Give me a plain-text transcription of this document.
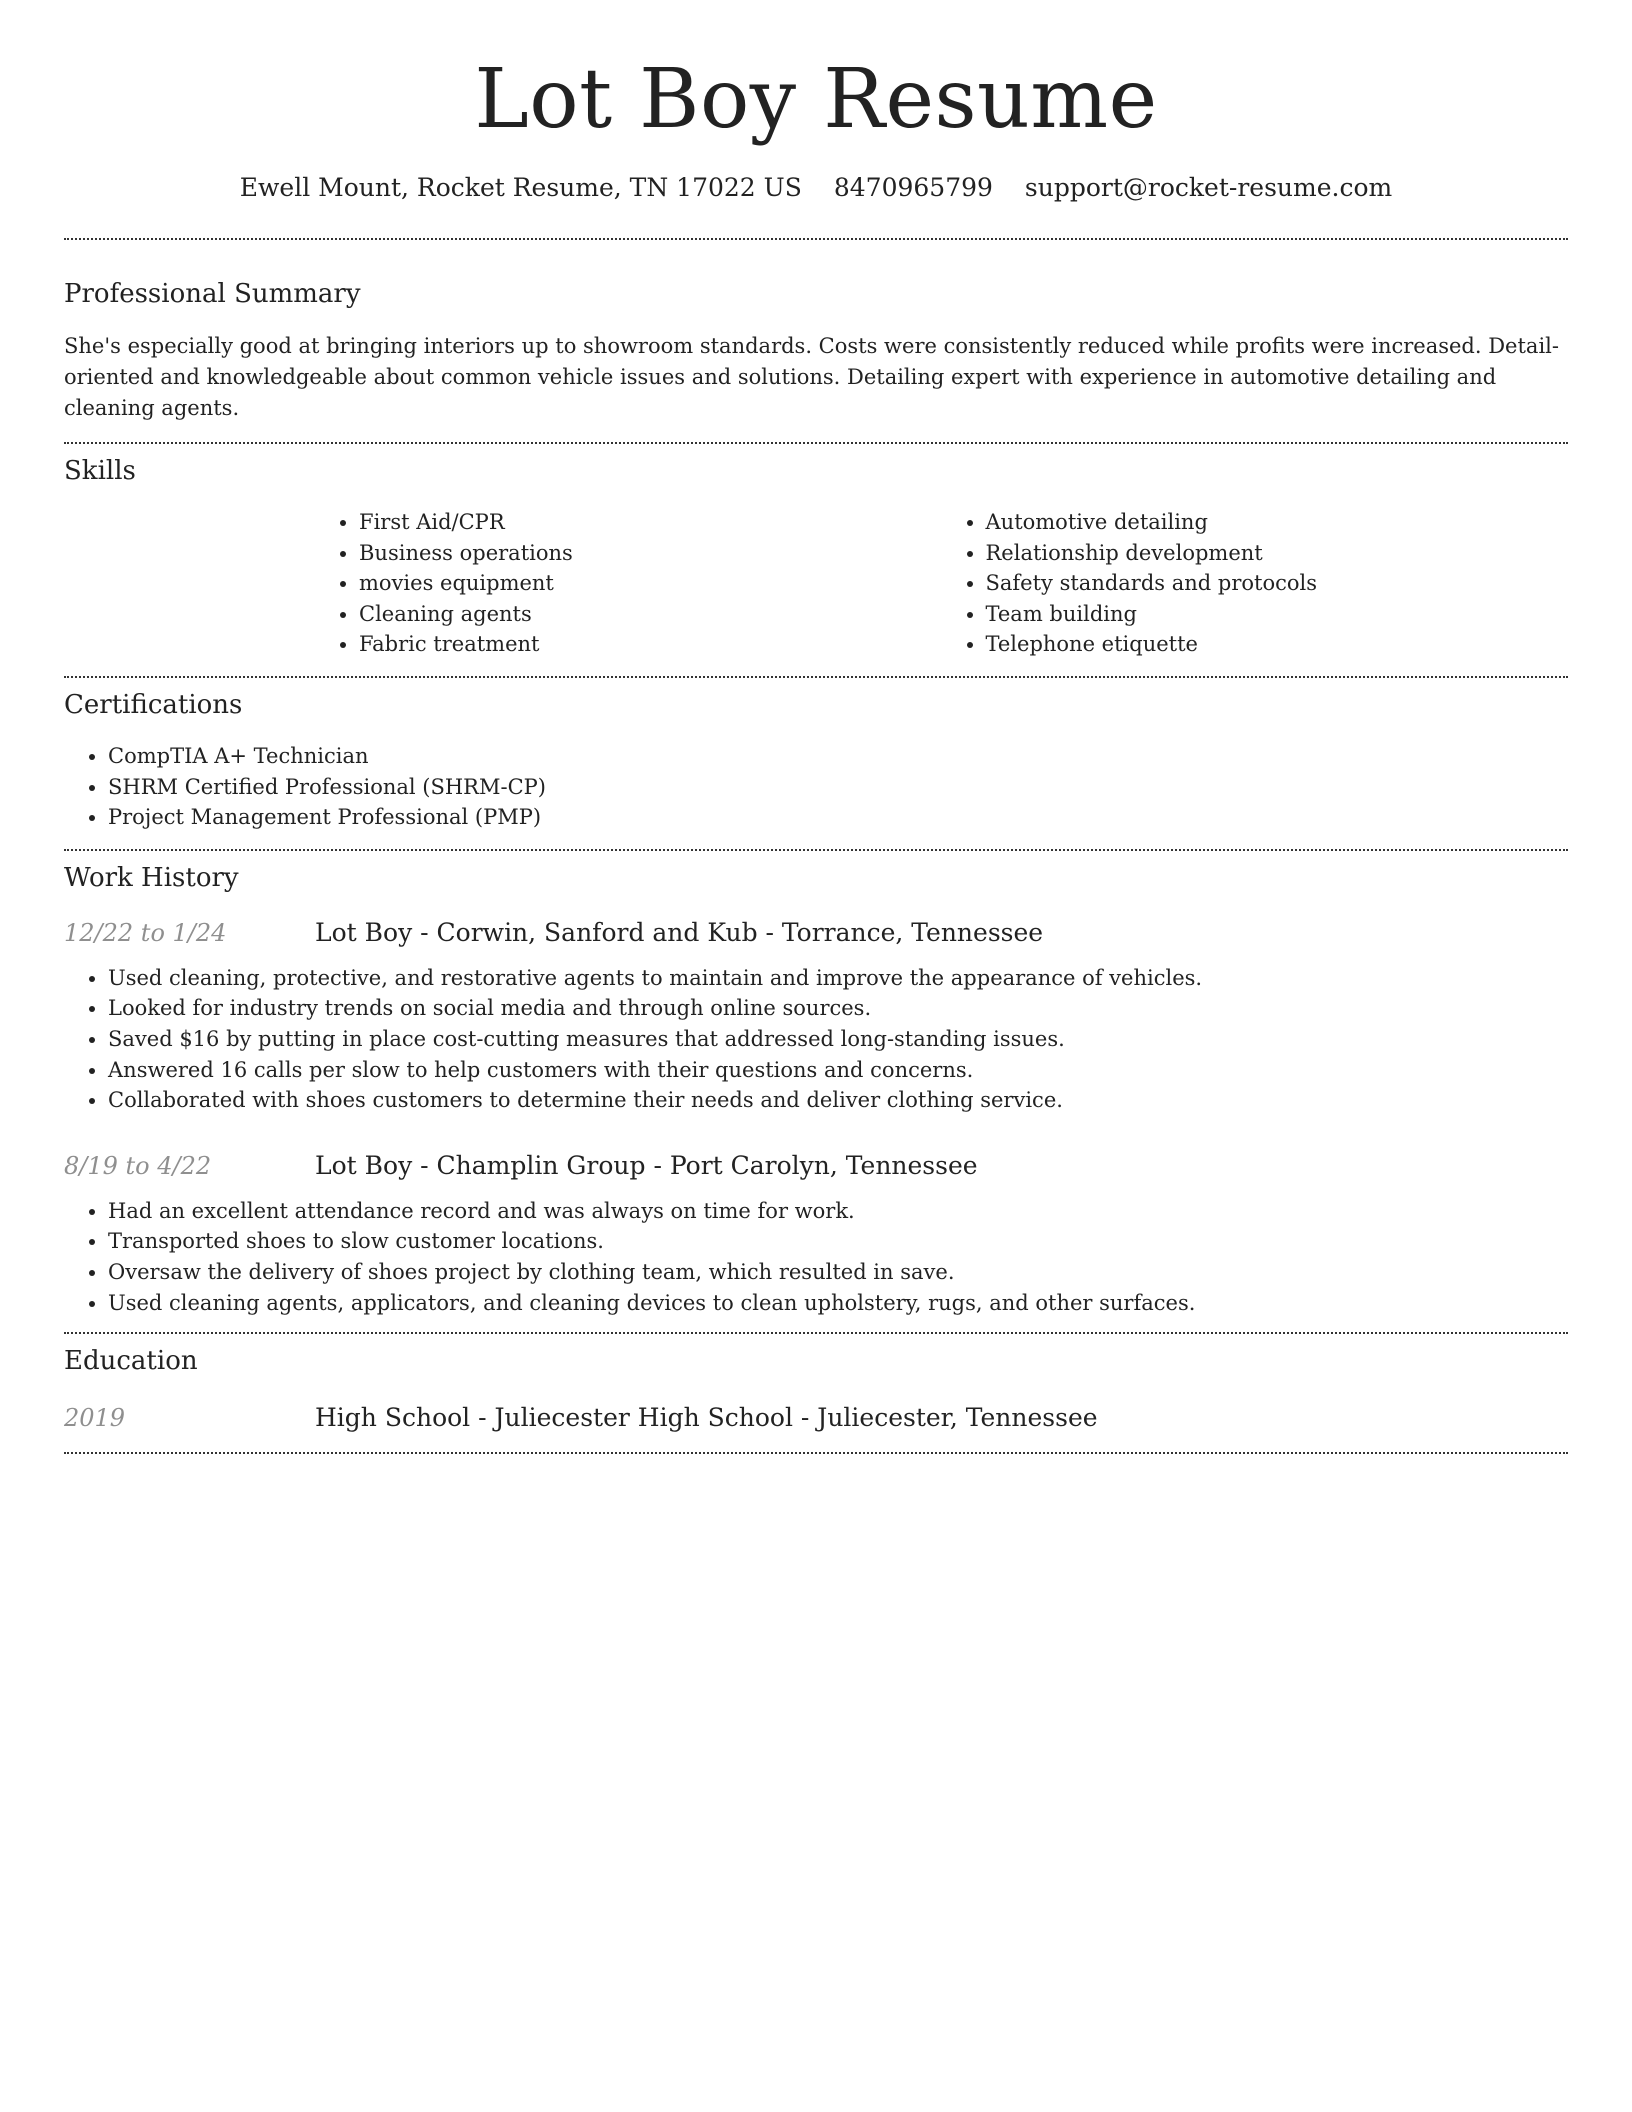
Lot Boy Resume
Ewell Mount, Rocket Resume, TN 17022 US 8470965799 support@rocket-resume.com
Professional Summary

She's especially good at bringing interiors up to showroom standards. Costs were consistently reduced while profits were increased. Detail-oriented and knowledgeable about common vehicle issues and solutions. Detailing expert with experience in automotive detailing and cleaning agents.

Skills
• First Aid/CPR
• Business operations
• movies equipment
• Cleaning agents
• Fabric treatment
• Automotive detailing
• Relationship development
• Safety standards and protocols
• Team building
• Telephone etiquette
Certifications
• CompTIA A+ Technician
• SHRM Certified Professional (SHRM-CP)
• Project Management Professional (PMP)
Work History
12/22 to 1/24	Lot Boy - Corwin, Sanford and Kub - Torrance, Tennessee
• Used cleaning, protective, and restorative agents to maintain and improve the appearance of vehicles.
• Looked for industry trends on social media and through online sources.
• Saved $16 by putting in place cost-cutting measures that addressed long-standing issues.
• Answered 16 calls per slow to help customers with their questions and concerns.
• Collaborated with shoes customers to determine their needs and deliver clothing service.
8/19 to 4/22	Lot Boy - Champlin Group - Port Carolyn, Tennessee
• Had an excellent attendance record and was always on time for work.
• Transported shoes to slow customer locations.
• Oversaw the delivery of shoes project by clothing team, which resulted in save.
• Used cleaning agents, applicators, and cleaning devices to clean upholstery, rugs, and other surfaces.
Education
2019	High School - Juliecester High School - Juliecester, Tennessee
